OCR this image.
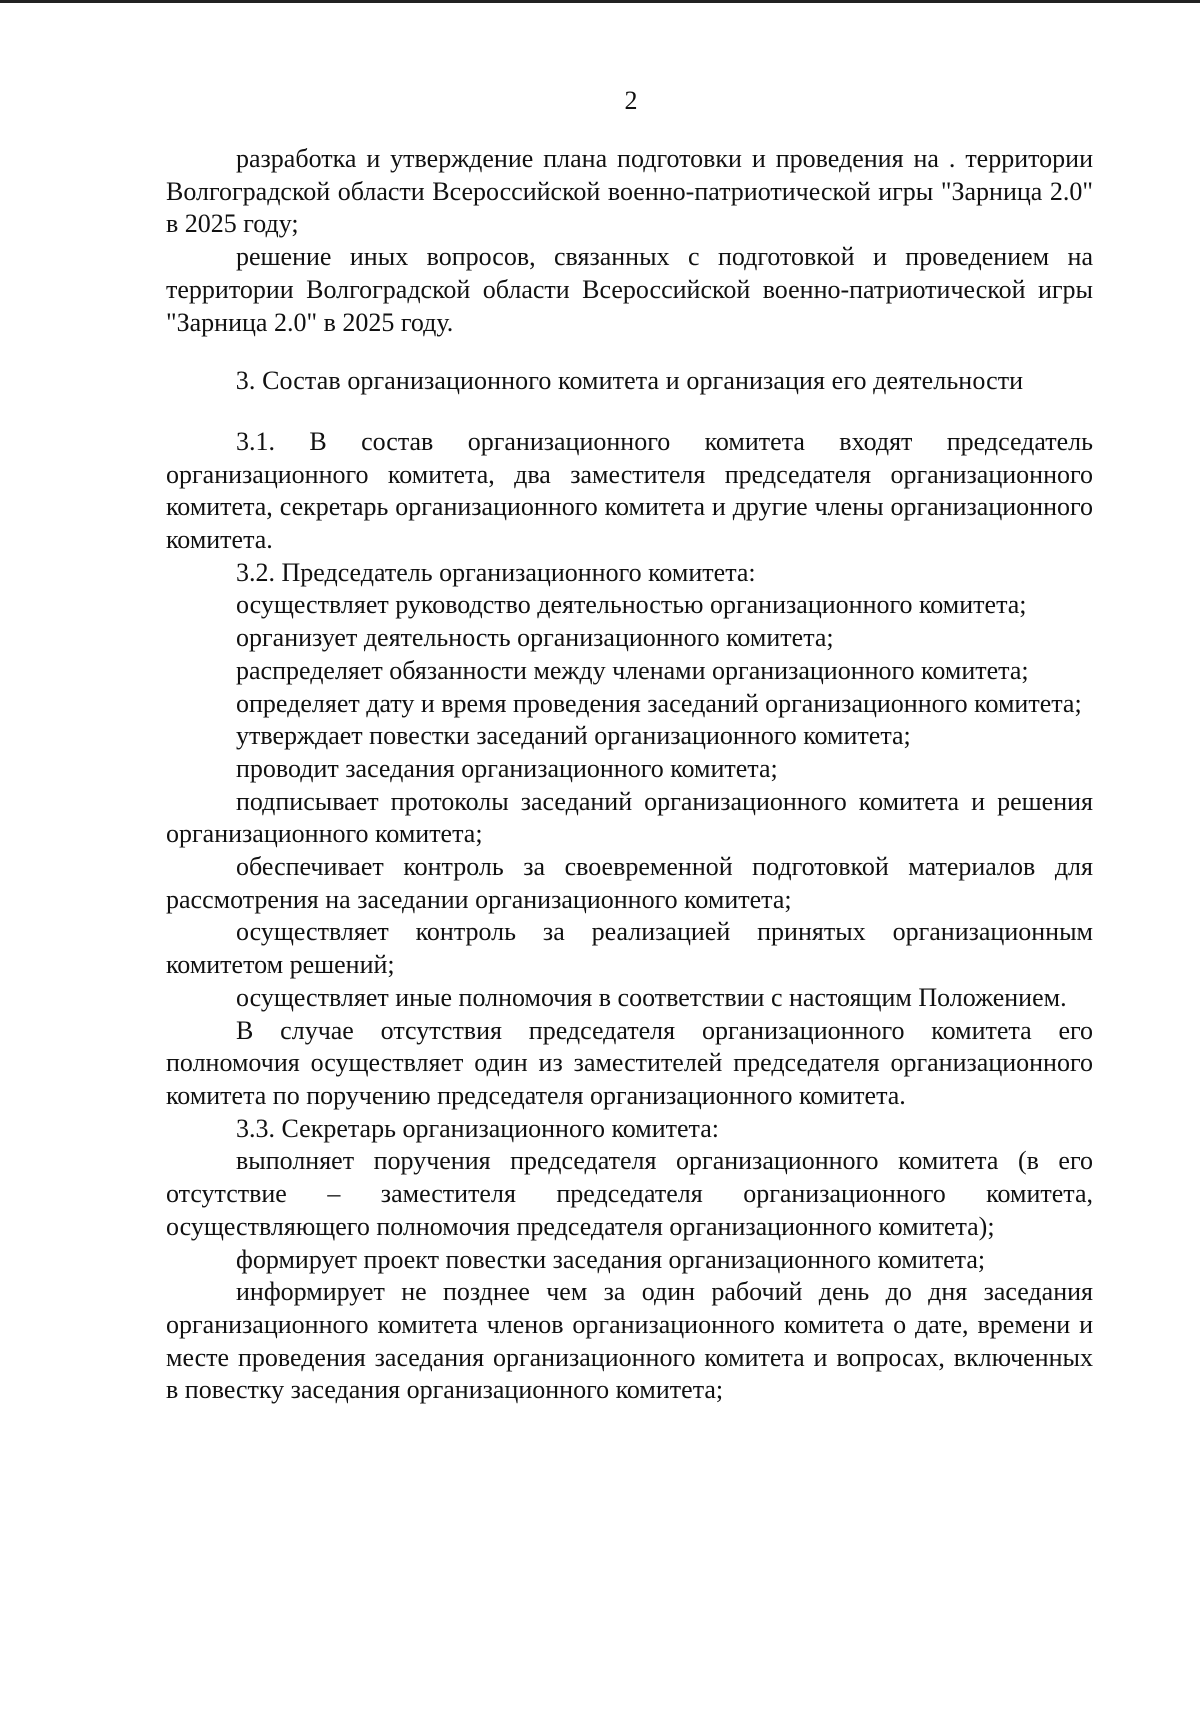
2

разработка и утверждение плана подготовки и проведения на . территории Волгоградской области Всероссийской военно-патриотической игры "Зарница 2.0" в 2025 году;

решение иных вопросов, связанных с подготовкой и проведением на территории Волгоградской области Всероссийской военно-патриотической игры "Зарница 2.0" в 2025 году.

3. Состав организационного комитета и организация его деятельности

3.1. В состав организационного комитета входят председатель организационного комитета, два заместителя председателя организационного комитета, секретарь организационного комитета и другие члены организационного комитета.

3.2. Председатель организационного комитета:

осуществляет руководство деятельностью организационного комитета;

организует деятельность организационного комитета;

распределяет обязанности между членами организационного комитета;

определяет дату и время проведения заседаний организационного комитета;

утверждает повестки заседаний организационного комитета;

проводит заседания организационного комитета;

подписывает протоколы заседаний организационного комитета и решения организационного комитета;

обеспечивает контроль за своевременной подготовкой материалов для рассмотрения на заседании организационного комитета;

осуществляет контроль за реализацией принятых организационным комитетом решений;

осуществляет иные полномочия в соответствии с настоящим Положением.

В случае отсутствия председателя организационного комитета его полномочия осуществляет один из заместителей председателя организационного комитета по поручению председателя организационного комитета.

3.3. Секретарь организационного комитета:

выполняет поручения председателя организационного комитета (в его отсутствие – заместителя председателя организационного комитета, осуществляющего полномочия председателя организационного комитета);

формирует проект повестки заседания организационного комитета;

информирует не позднее чем за один рабочий день до дня заседания организационного комитета членов организационного комитета о дате, времени и месте проведения заседания организационного комитета и вопросах, включенных в повестку заседания организационного комитета;
